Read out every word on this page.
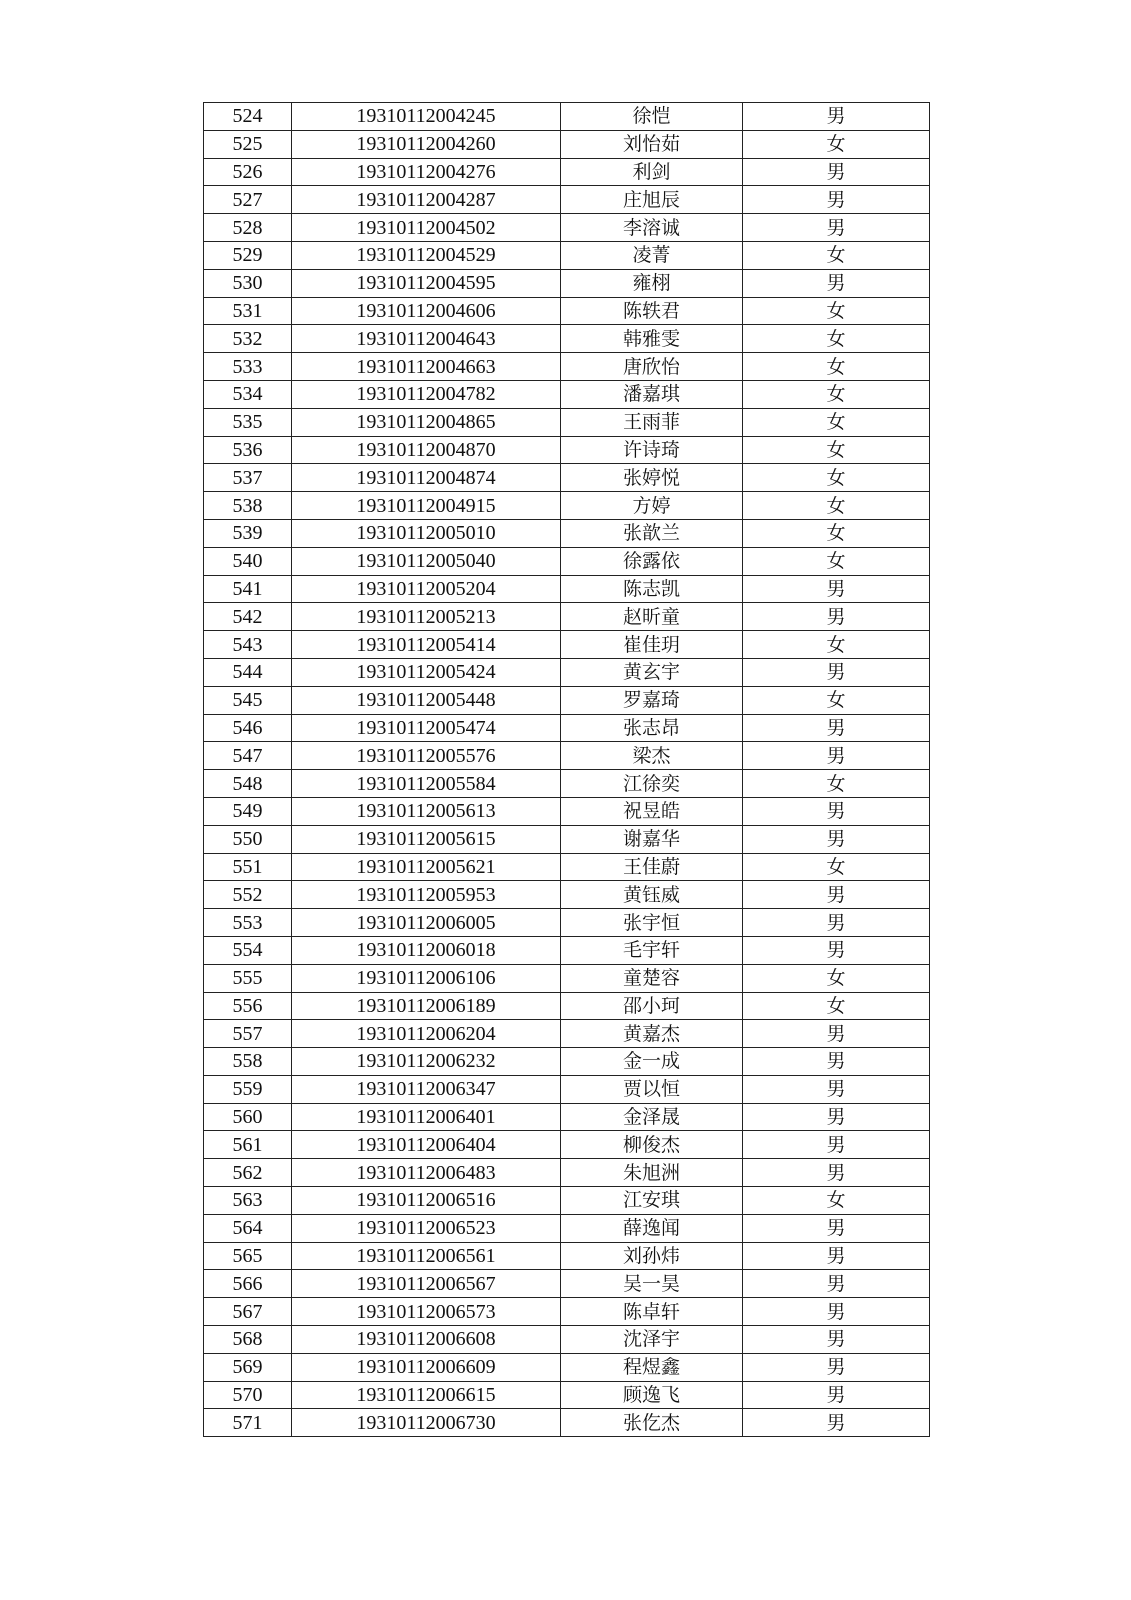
524	19310112004245	徐恺	男
525	19310112004260	刘怡茹	女
526	19310112004276	利剑	男
527	19310112004287	庄旭辰	男
528	19310112004502	李溶诚	男
529	19310112004529	凌菁	女
530	19310112004595	雍栩	男
531	19310112004606	陈轶君	女
532	19310112004643	韩雅雯	女
533	19310112004663	唐欣怡	女
534	19310112004782	潘嘉琪	女
535	19310112004865	王雨菲	女
536	19310112004870	许诗琦	女
537	19310112004874	张婷悦	女
538	19310112004915	方婷	女
539	19310112005010	张歆兰	女
540	19310112005040	徐露依	女
541	19310112005204	陈志凯	男
542	19310112005213	赵昕童	男
543	19310112005414	崔佳玥	女
544	19310112005424	黄玄宇	男
545	19310112005448	罗嘉琦	女
546	19310112005474	张志昂	男
547	19310112005576	梁杰	男
548	19310112005584	江徐奕	女
549	19310112005613	祝昱皓	男
550	19310112005615	谢嘉华	男
551	19310112005621	王佳蔚	女
552	19310112005953	黄钰威	男
553	19310112006005	张宇恒	男
554	19310112006018	毛宇轩	男
555	19310112006106	童楚容	女
556	19310112006189	邵小珂	女
557	19310112006204	黄嘉杰	男
558	19310112006232	金一成	男
559	19310112006347	贾以恒	男
560	19310112006401	金泽晟	男
561	19310112006404	柳俊杰	男
562	19310112006483	朱旭洲	男
563	19310112006516	江安琪	女
564	19310112006523	薛逸闻	男
565	19310112006561	刘孙炜	男
566	19310112006567	吴一昊	男
567	19310112006573	陈卓轩	男
568	19310112006608	沈泽宇	男
569	19310112006609	程煜鑫	男
570	19310112006615	顾逸飞	男
571	19310112006730	张仡杰	男
